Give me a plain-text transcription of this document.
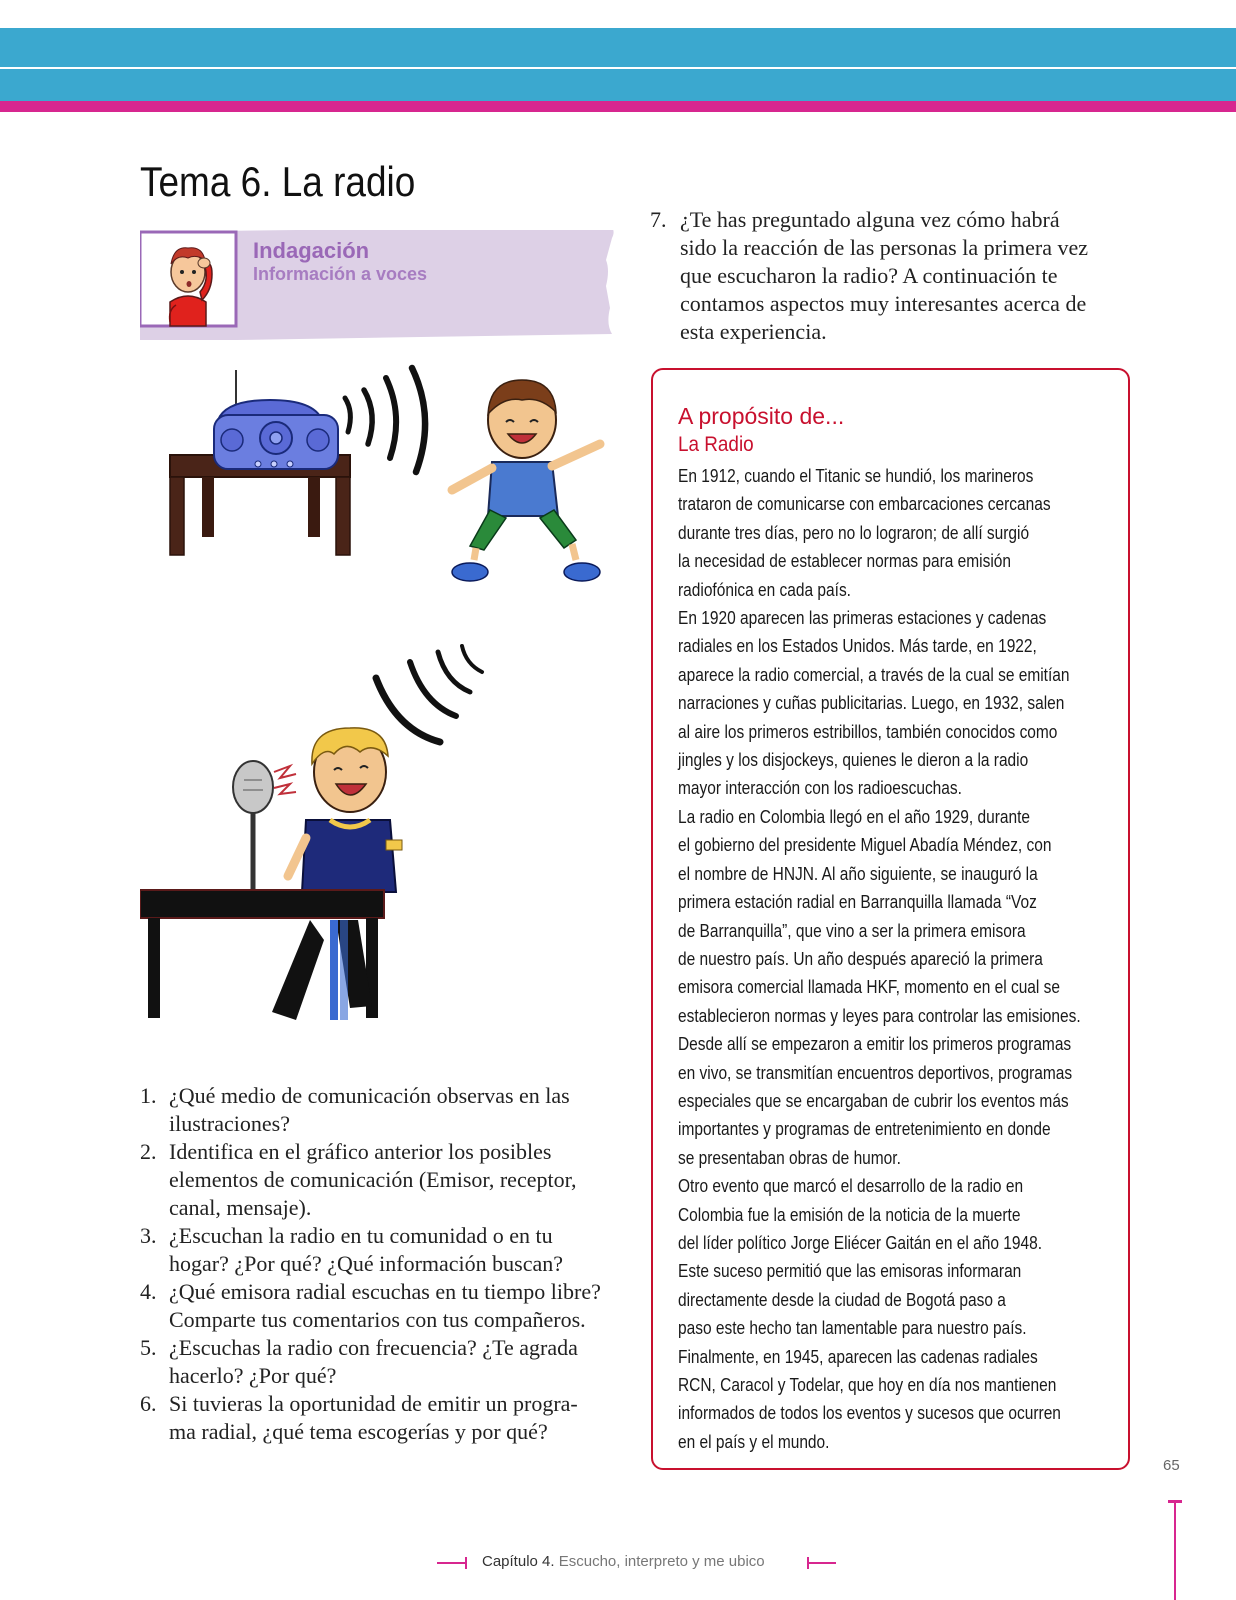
Tema 6. La radio
Indagación
Información a voces
1. ¿Qué medio de comunicación observas en las
ilustraciones?
2. Identifica en el gráfico anterior los posibles
elementos de comunicación (Emisor, receptor,
canal, mensaje).
3. ¿Escuchan la radio en tu comunidad o en tu
hogar? ¿Por qué? ¿Qué información buscan?
4. ¿Qué emisora radial escuchas en tu tiempo libre?
Comparte tus comentarios con tus compañeros.
5. ¿Escuchas la radio con frecuencia? ¿Te agrada
hacerlo? ¿Por qué?
6. Si tuvieras la oportunidad de emitir un progra-
ma radial, ¿qué tema escogerías y por qué?
7. ¿Te has preguntado alguna vez cómo habrá
sido la reacción de las personas la primera vez
que escucharon la radio? A continuación te
contamos aspectos muy interesantes acerca de
esta experiencia.
A propósito de...
La Radio
En 1912, cuando el Titanic se hundió, los marineros
trataron de comunicarse con embarcaciones cercanas
durante tres días, pero no lo lograron; de allí surgió
la necesidad de establecer normas para emisión
radiofónica en cada país.
En 1920 aparecen las primeras estaciones y cadenas
radiales en los Estados Unidos. Más tarde, en 1922,
aparece la radio comercial, a través de la cual se emitían
narraciones y cuñas publicitarias. Luego, en 1932, salen
al aire los primeros estribillos, también conocidos como
jingles y los disjockeys, quienes le dieron a la radio
mayor interacción con los radioescuchas.
La radio en Colombia llegó en el año 1929, durante
el gobierno del presidente Miguel Abadía Méndez, con
el nombre de HNJN. Al año siguiente, se inauguró la
primera estación radial en Barranquilla llamada “Voz
de Barranquilla”, que vino a ser la primera emisora
de nuestro país. Un año después apareció la primera
emisora comercial llamada HKF, momento en el cual se
establecieron normas y leyes para controlar las emisiones.
Desde allí se empezaron a emitir los primeros programas
en vivo, se transmitían encuentros deportivos, programas
especiales que se encargaban de cubrir los eventos más
importantes y programas de entretenimiento en donde
se presentaban obras de humor.
Otro evento que marcó el desarrollo de la radio en
Colombia fue la emisión de la noticia de la muerte
del líder político Jorge Eliécer Gaitán en el año 1948.
Este suceso permitió que las emisoras informaran
directamente desde la ciudad de Bogotá paso a
paso este hecho tan lamentable para nuestro país.
Finalmente, en 1945, aparecen las cadenas radiales
RCN, Caracol y Todelar, que hoy en día nos mantienen
informados de todos los eventos y sucesos que ocurren
en el país y el mundo.
65
Capítulo 4. Escucho, interpreto y me ubico
